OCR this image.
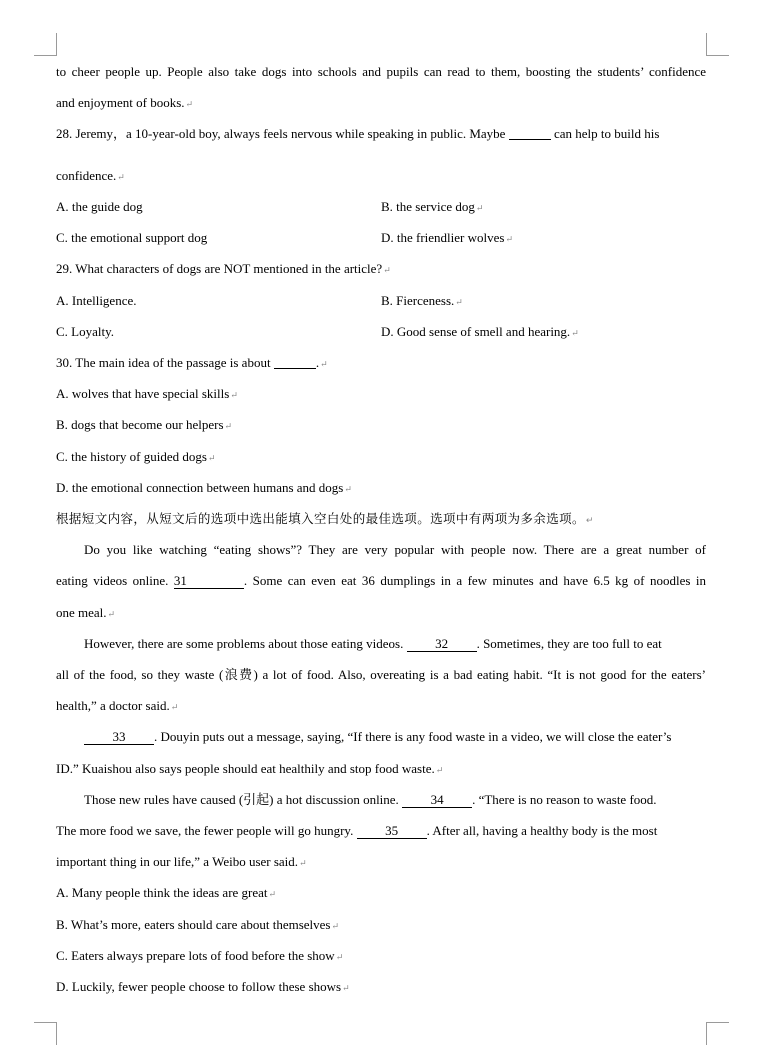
to cheer people up. People also take dogs into schools and pupils can read to them, boosting the students’ confidence
and enjoyment of books. ↵
28. Jeremy，a 10-year-old boy, always feels nervous while speaking in public. Maybe	can help to build his
confidence. ↵
A. the guide dog	B. the service dog ↵
C. the emotional support dog	D. the friendlier wolves ↵
29. What characters of dogs are NOT mentioned in the article? ↵
A. Intelligence.	B. Fierceness. ↵
C. Loyalty.	D. Good sense of smell and hearing. ↵
30. The main idea of the passage is about	. ↵
A. wolves that have special skills ↵
B. dogs that become our helpers ↵
C. the history of guided dogs ↵
D. the emotional connection between humans and dogs ↵
根据短文内容，从短文后的选项中选出能填入空白处的最佳选项。选项中有两项为多余选项。 ↵
Do you like watching “eating shows”? They are very popular with people now. There are a great number of
eating videos online. 31	. Some can even eat 36 dumplings in a few minutes and have 6.5 kg of noodles in
one meal. ↵
However, there are some problems about those eating videos. 32 . Sometimes, they are too full to eat
all of the food, so they waste (浪费) a lot of food. Also, overeating is a bad eating habit. “It is not good for the eaters’
health,” a doctor said. ↵
33 . Douyin puts out a message, saying, “If there is any food waste in a video, we will close the eater’s
ID.” Kuaishou also says people should eat healthily and stop food waste. ↵
Those new rules have caused (引起) a hot discussion online. 34 . “There is no reason to waste food.
The more food we save, the fewer people will go hungry. 35 . After all, having a healthy body is the most
important thing in our life,” a Weibo user said. ↵
A. Many people think the ideas are great ↵
B. What’s more, eaters should care about themselves ↵
C. Eaters always prepare lots of food before the show ↵
D. Luckily, fewer people choose to follow these shows ↵
